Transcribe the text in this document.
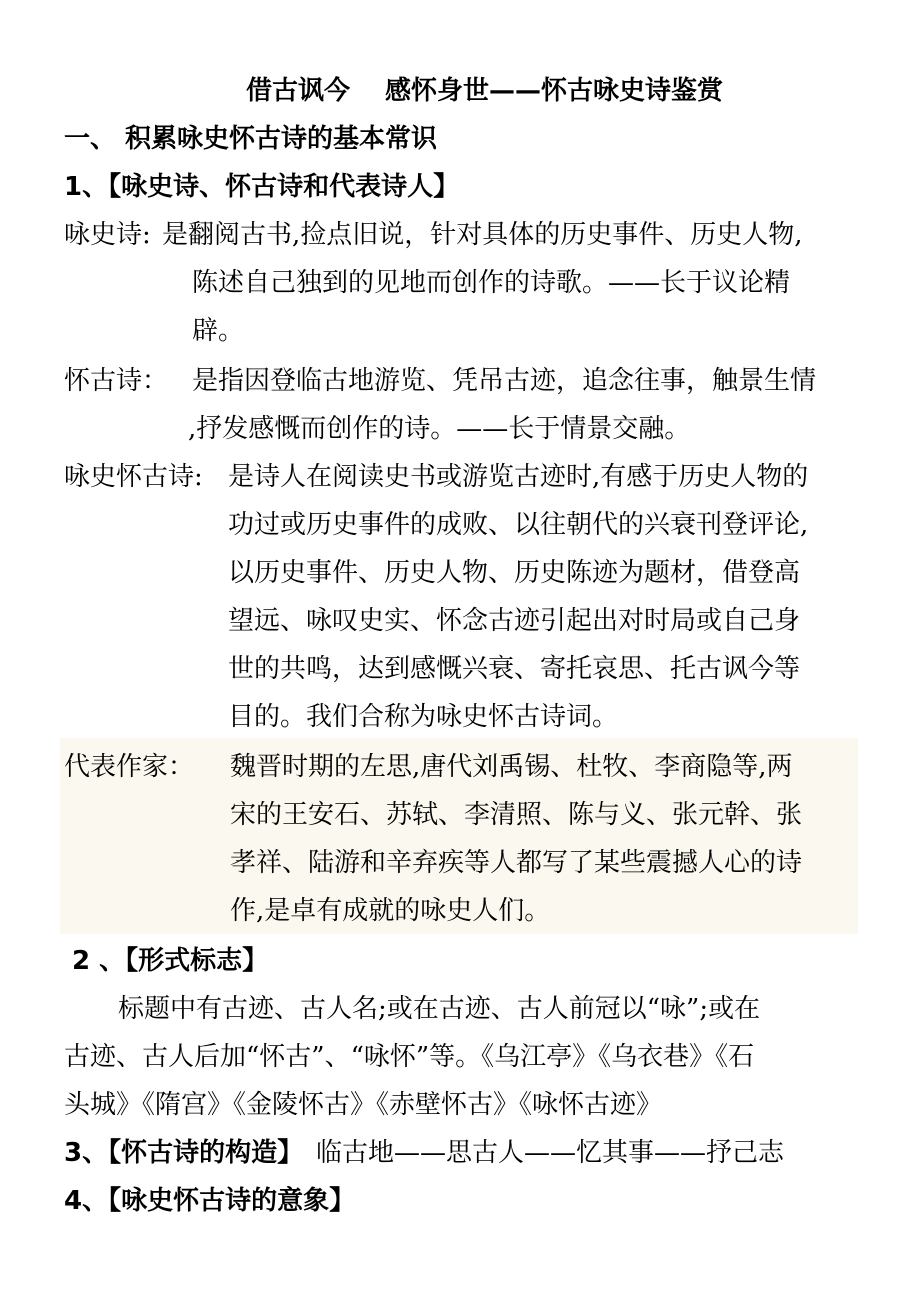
借古讽今　 感怀身世——怀古咏史诗鉴赏
一、 积累咏史怀古诗的基本常识
1、【咏史诗、怀古诗和代表诗人】
咏史诗: 是翻阅古书,捡点旧说，针对具体的历史事件、历史人物,
陈述自己独到的见地而创作的诗歌。——长于议论精
辟。
怀古诗： 是指因登临古地游览、凭吊古迹，追念往事，触景生情
,抒发感慨而创作的诗。——长于情景交融。
咏史怀古诗: 是诗人在阅读史书或游览古迹时,有感于历史人物的
功过或历史事件的成败、以往朝代的兴衰刊登评论,
以历史事件、历史人物、历史陈迹为题材，借登高
望远、咏叹史实、怀念古迹引起出对时局或自己身
世的共鸣，达到感慨兴衰、寄托哀思、托古讽今等
目的。我们合称为咏史怀古诗词。
代表作家： 魏晋时期的左思,唐代刘禹锡、杜牧、李商隐等,两
宋的王安石、苏轼、李清照、陈与义、张元幹、张
孝祥、陆游和辛弃疾等人都写了某些震撼人心的诗
作,是卓有成就的咏史人们。
2 、【形式标志】
标题中有古迹、古人名;或在古迹、古人前冠以“咏”;或在
古迹、古人后加“怀古”、“咏怀”等。《乌江亭》《乌衣巷》《石
头城》《隋宫》《金陵怀古》《赤壁怀古》《咏怀古迹》
3、【怀古诗的构造】 临古地——思古人——忆其事——抒己志
4、【咏史怀古诗的意象】
